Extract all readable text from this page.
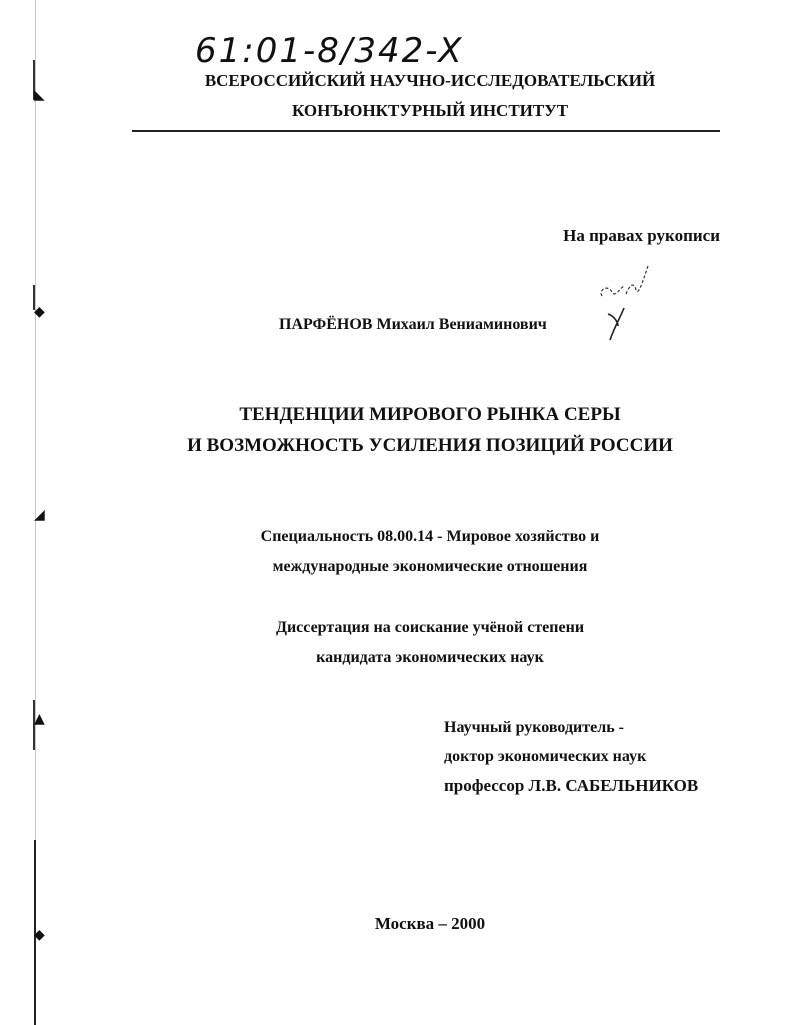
◣
◆
◢
▲
◆
61:01-8/342-X
ВСЕРОССИЙСКИЙ НАУЧНО-ИССЛЕДОВАТЕЛЬСКИЙ
КОНЪЮНКТУРНЫЙ ИНСТИТУТ
На правах рукописи
ПАРФЁНОВ Михаил Вениаминович
ТЕНДЕНЦИИ МИРОВОГО РЫНКА СЕРЫ
И ВОЗМОЖНОСТЬ УСИЛЕНИЯ ПОЗИЦИЙ РОССИИ
Специальность 08.00.14 - Мировое хозяйство и
международные экономические отношения
Диссертация на соискание учёной степени
кандидата экономических наук
Научный руководитель -
доктор экономических наук
профессор Л.В. САБЕЛЬНИКОВ
Москва – 2000
